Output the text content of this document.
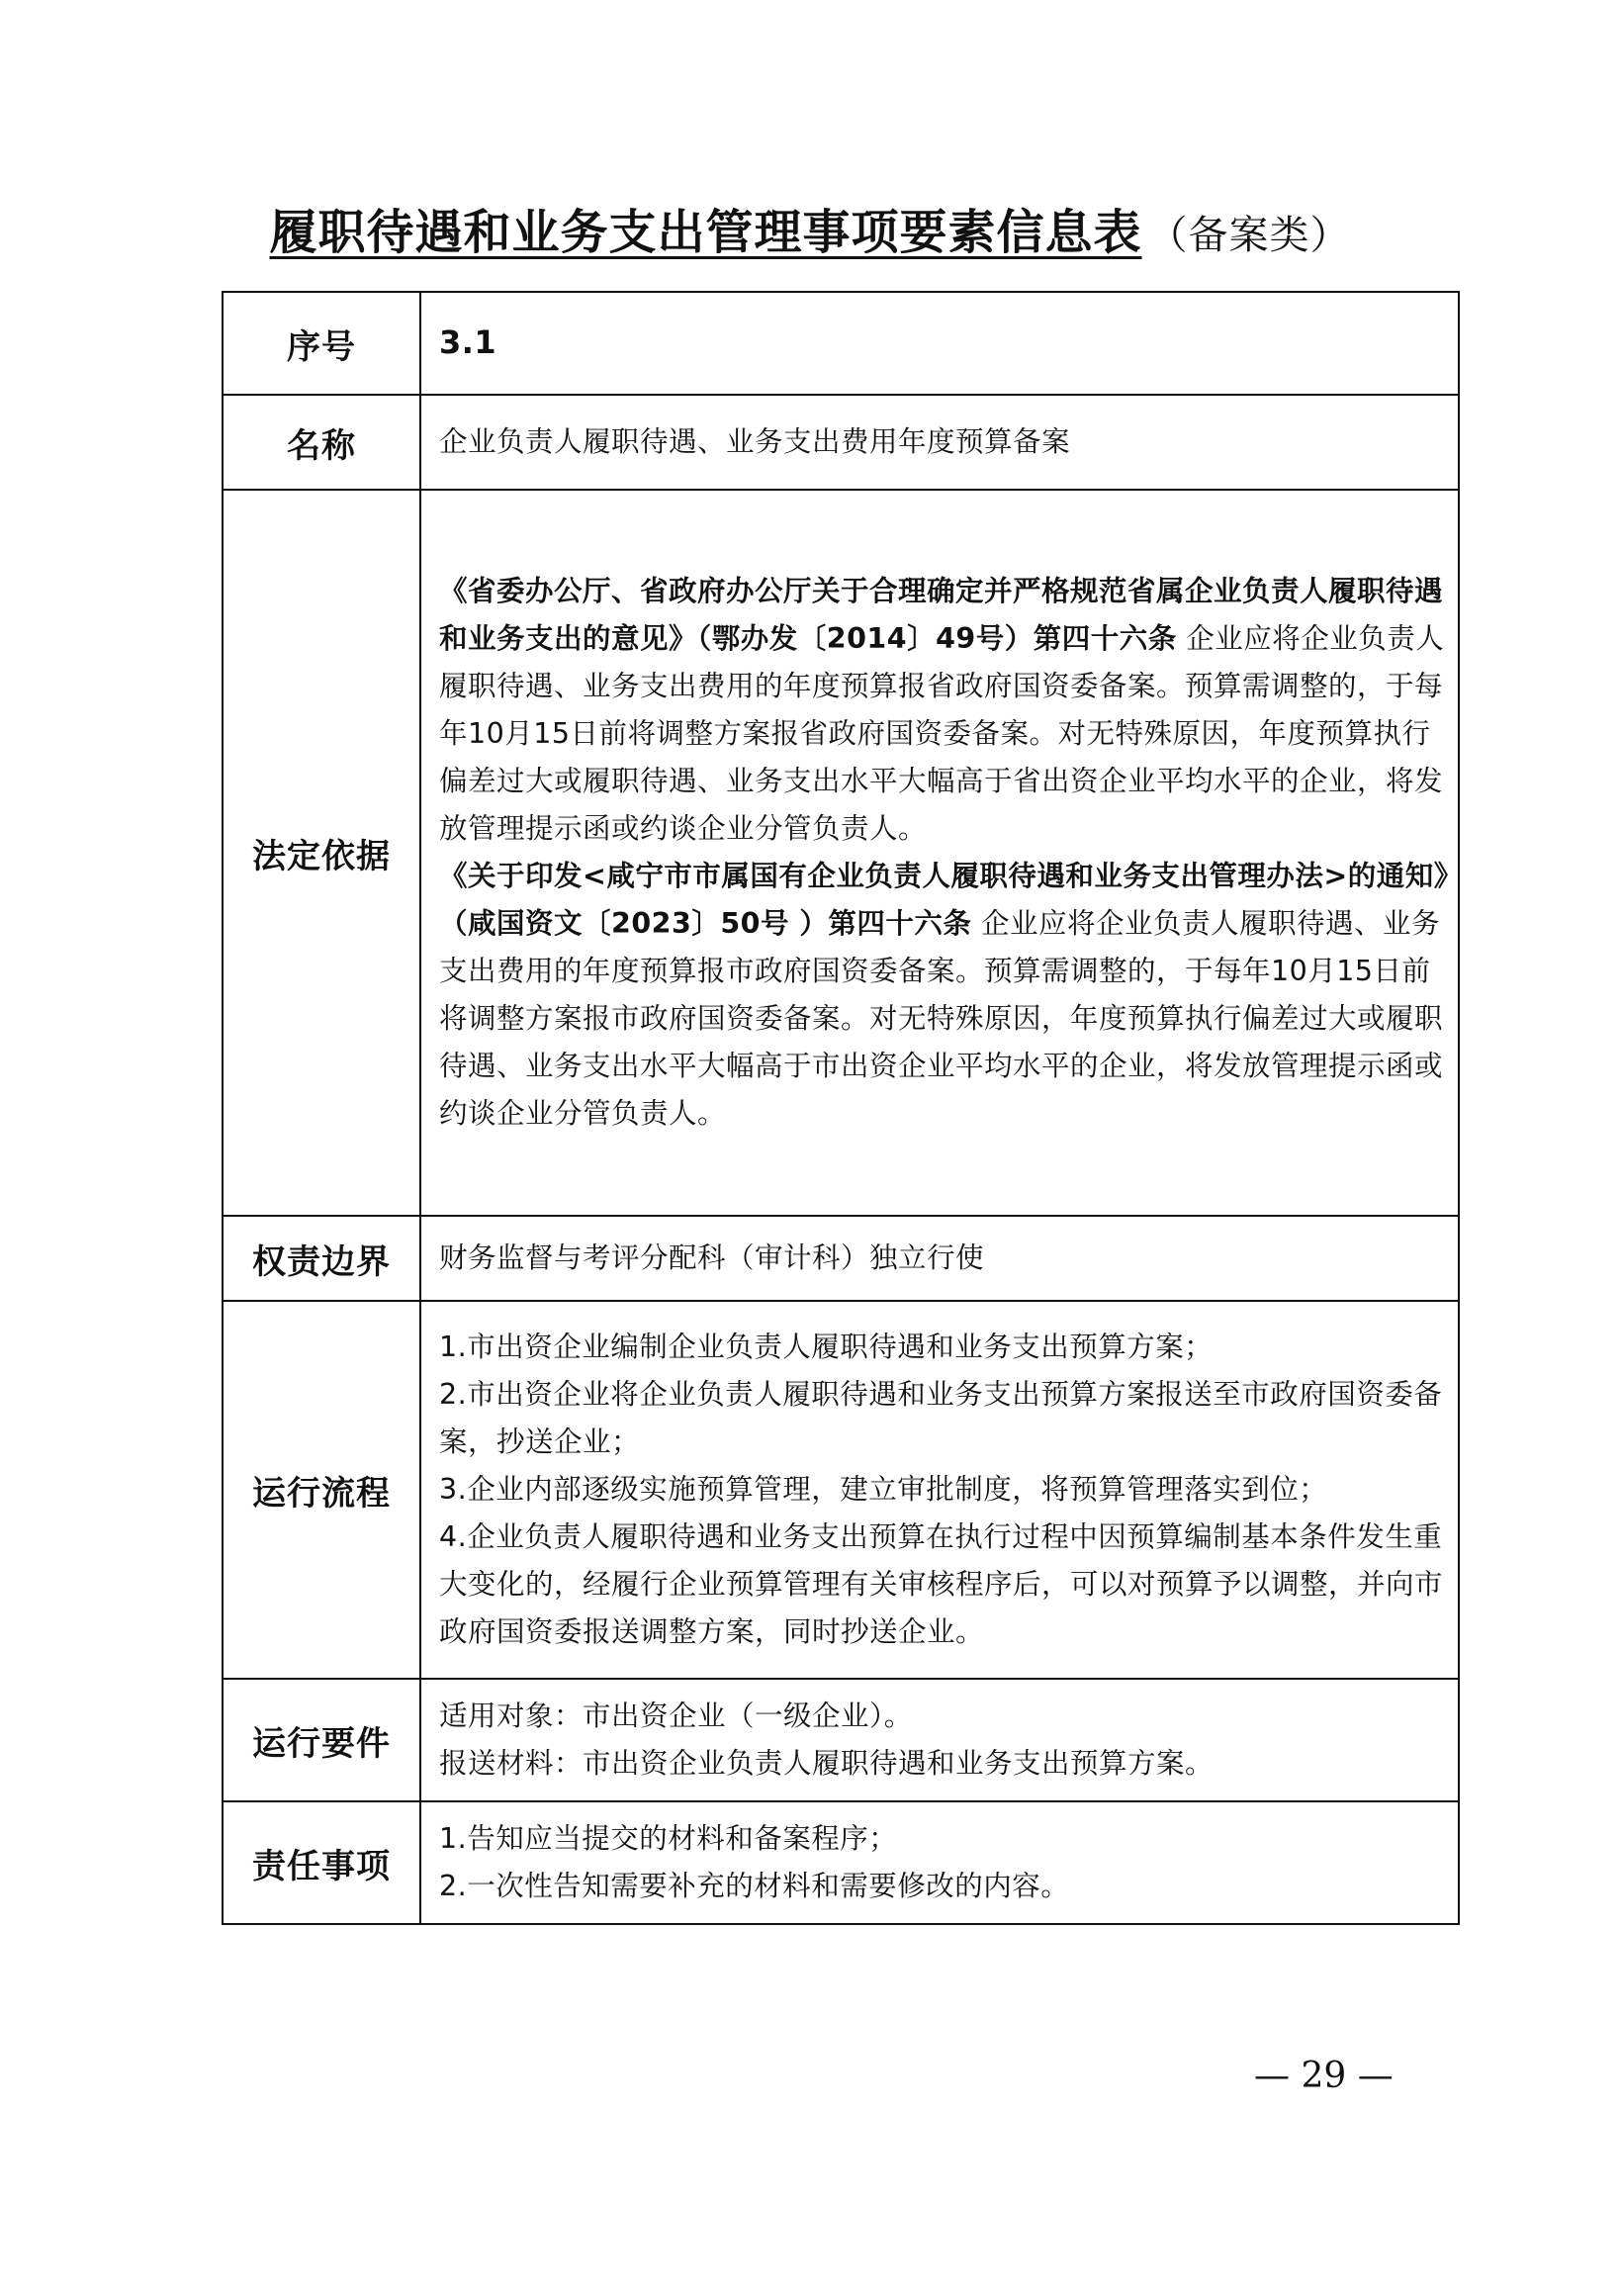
履职待遇和业务支出管理事项要素信息表 （备案类）
序号	3.1
名称	企业负责人履职待遇、业务支出费用年度预算备案
法定依据	《省委办公厅、省政府办公厅关于合理确定并严格规范省属企业负责人履职待遇和业务支出的意见》（鄂办发〔2014〕49号）第四十六条 企业应将企业负责人履职待遇、业务支出费用的年度预算报省政府国资委备案。预算需调整的，于每年10月15日前将调整方案报省政府国资委备案。对无特殊原因，年度预算执行偏差过大或履职待遇、业务支出水平大幅高于省出资企业平均水平的企业，将发放管理提示函或约谈企业分管负责人。
《关于印发<咸宁市市属国有企业负责人履职待遇和业务支出管理办法>的通知》（咸国资文〔2023〕50号 ）第四十六条 企业应将企业负责人履职待遇、业务支出费用的年度预算报市政府国资委备案。预算需调整的，于每年10月15日前将调整方案报市政府国资委备案。对无特殊原因，年度预算执行偏差过大或履职待遇、业务支出水平大幅高于市出资企业平均水平的企业，将发放管理提示函或约谈企业分管负责人。

权责边界	财务监督与考评分配科（审计科）独立行使
运行流程	1.市出资企业编制企业负责人履职待遇和业务支出预算方案；
2.市出资企业将企业负责人履职待遇和业务支出预算方案报送至市政府国资委备案，抄送企业；
3.企业内部逐级实施预算管理，建立审批制度，将预算管理落实到位；
4.企业负责人履职待遇和业务支出预算在执行过程中因预算编制基本条件发生重大变化的，经履行企业预算管理有关审核程序后，可以对预算予以调整，并向市政府国资委报送调整方案，同时抄送企业。

运行要件	适用对象：市出资企业（一级企业）。
报送材料：市出资企业负责人履职待遇和业务支出预算方案。

责任事项	1.告知应当提交的材料和备案程序；
2.一次性告知需要补充的材料和需要修改的内容。
— 29 —
